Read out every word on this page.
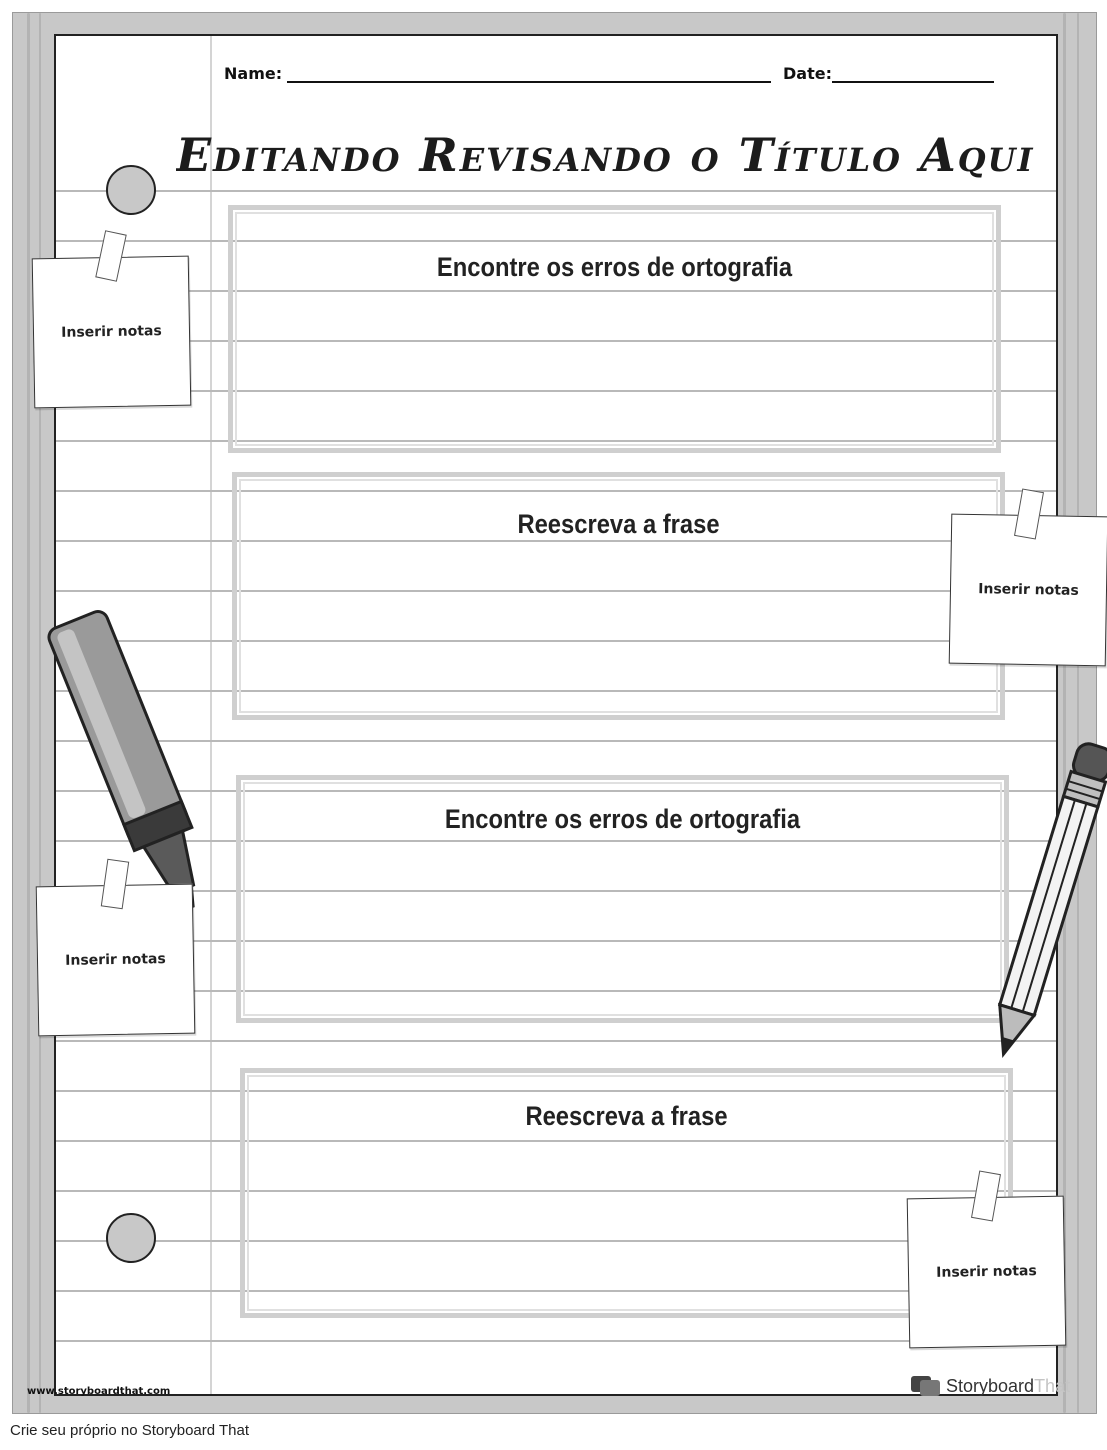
Name:	Date:
Editando Revisando o Título Aqui
Encontre os erros de ortografia
Reescreva a frase
Encontre os erros de ortografia
Reescreva a frase
Inserir notas
Inserir notas
Inserir notas
Inserir notas
www.storyboardthat.com	Storyboard That
Crie seu próprio no Storyboard That
